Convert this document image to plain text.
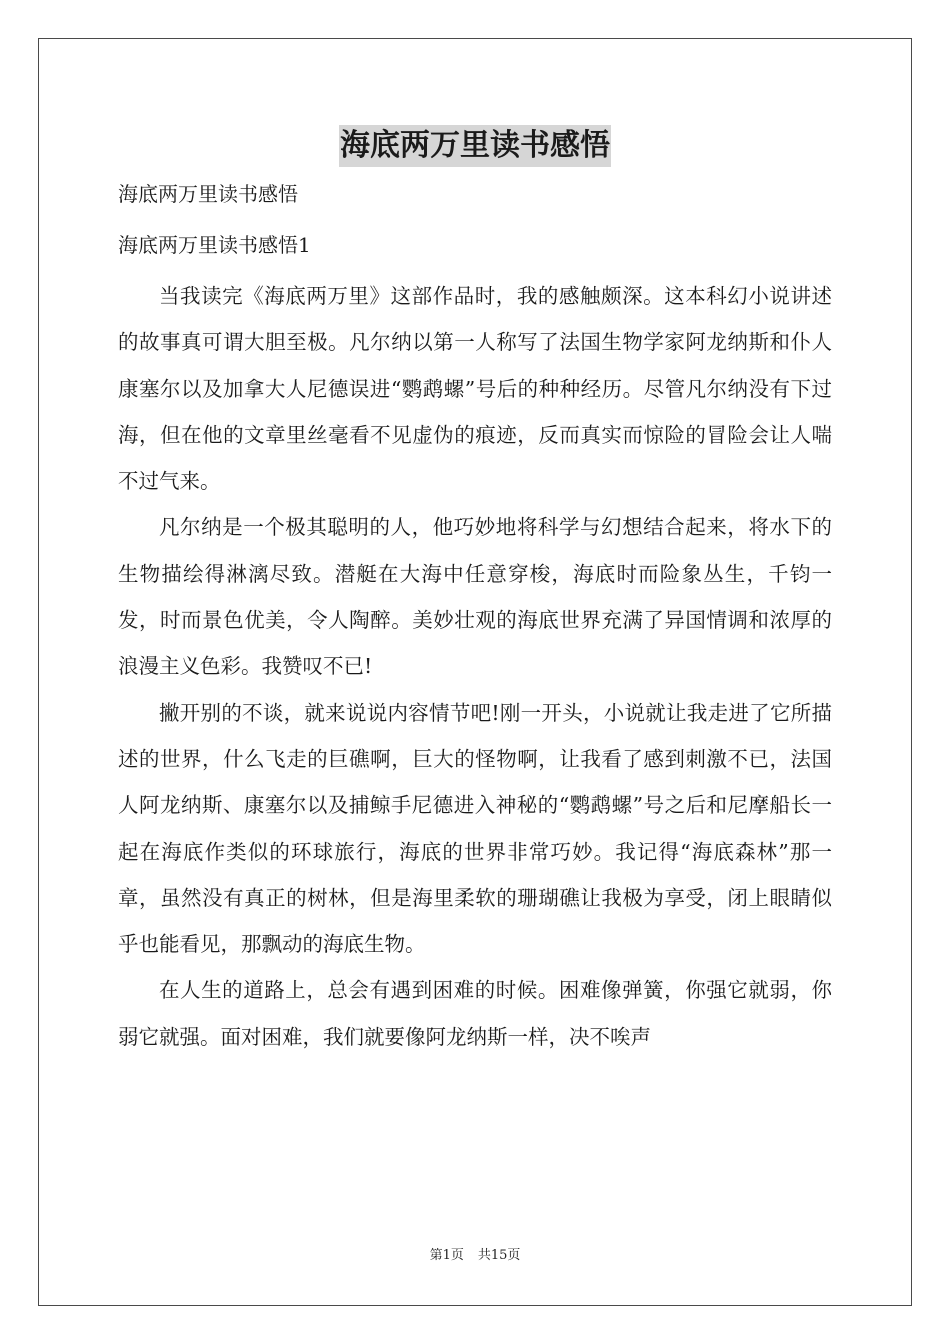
海底两万里读书感悟

海底两万里读书感悟

海底两万里读书感悟1

当我读完《海底两万里》这部作品时，我的感触颇深。这本科幻小说讲述的故事真可谓大胆至极。凡尔纳以第一人称写了法国生物学家阿龙纳斯和仆人康塞尔以及加拿大人尼德误进“鹦鹉螺”号后的种种经历。尽管凡尔纳没有下过海，但在他的文章里丝毫看不见虚伪的痕迹，反而真实而惊险的冒险会让人喘不过气来。

凡尔纳是一个极其聪明的人，他巧妙地将科学与幻想结合起来，将水下的生物描绘得淋漓尽致。潜艇在大海中任意穿梭，海底时而险象丛生，千钧一发，时而景色优美，令人陶醉。美妙壮观的海底世界充满了异国情调和浓厚的浪漫主义色彩。我赞叹不已!

撇开别的不谈，就来说说内容情节吧!刚一开头，小说就让我走进了它所描述的世界，什么飞走的巨礁啊，巨大的怪物啊，让我看了感到刺激不已，法国人阿龙纳斯、康塞尔以及捕鲸手尼德进入神秘的“鹦鹉螺”号之后和尼摩船长一起在海底作类似的环球旅行，海底的世界非常巧妙。我记得“海底森林”那一章，虽然没有真正的树林，但是海里柔软的珊瑚礁让我极为享受，闭上眼睛似乎也能看见，那飘动的海底生物。

在人生的道路上，总会有遇到困难的时候。困难像弹簧，你强它就弱，你弱它就强。面对困难，我们就要像阿龙纳斯一样，决不唉声

第1页 共15页
